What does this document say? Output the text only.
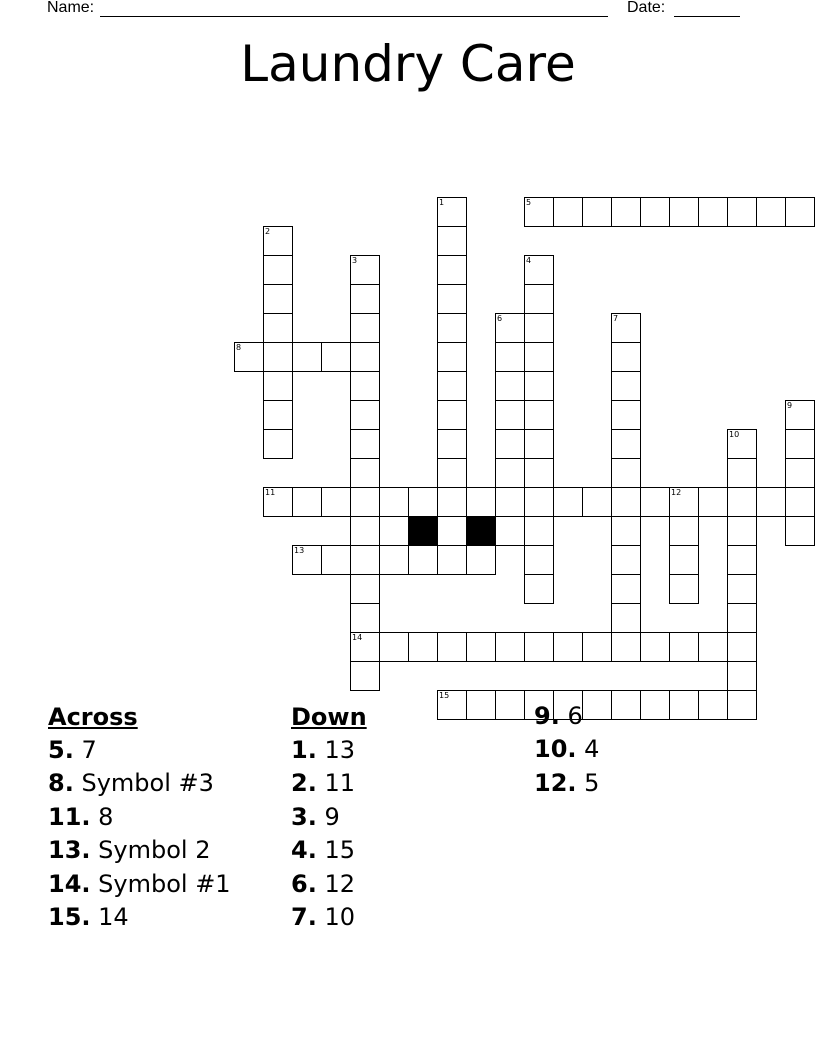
Name:	Date:
Laundry Care
1
2
3
14
4
5
8
6	7
9
10
11	12
13
15
Across
5. 7
8. Symbol #3
11. 8
13. Symbol 2
14. Symbol #1
15. 14
Down
1. 13
2. 11
3. 9
4. 15
6. 12
7. 10
9. 6
10. 4
12. 5
